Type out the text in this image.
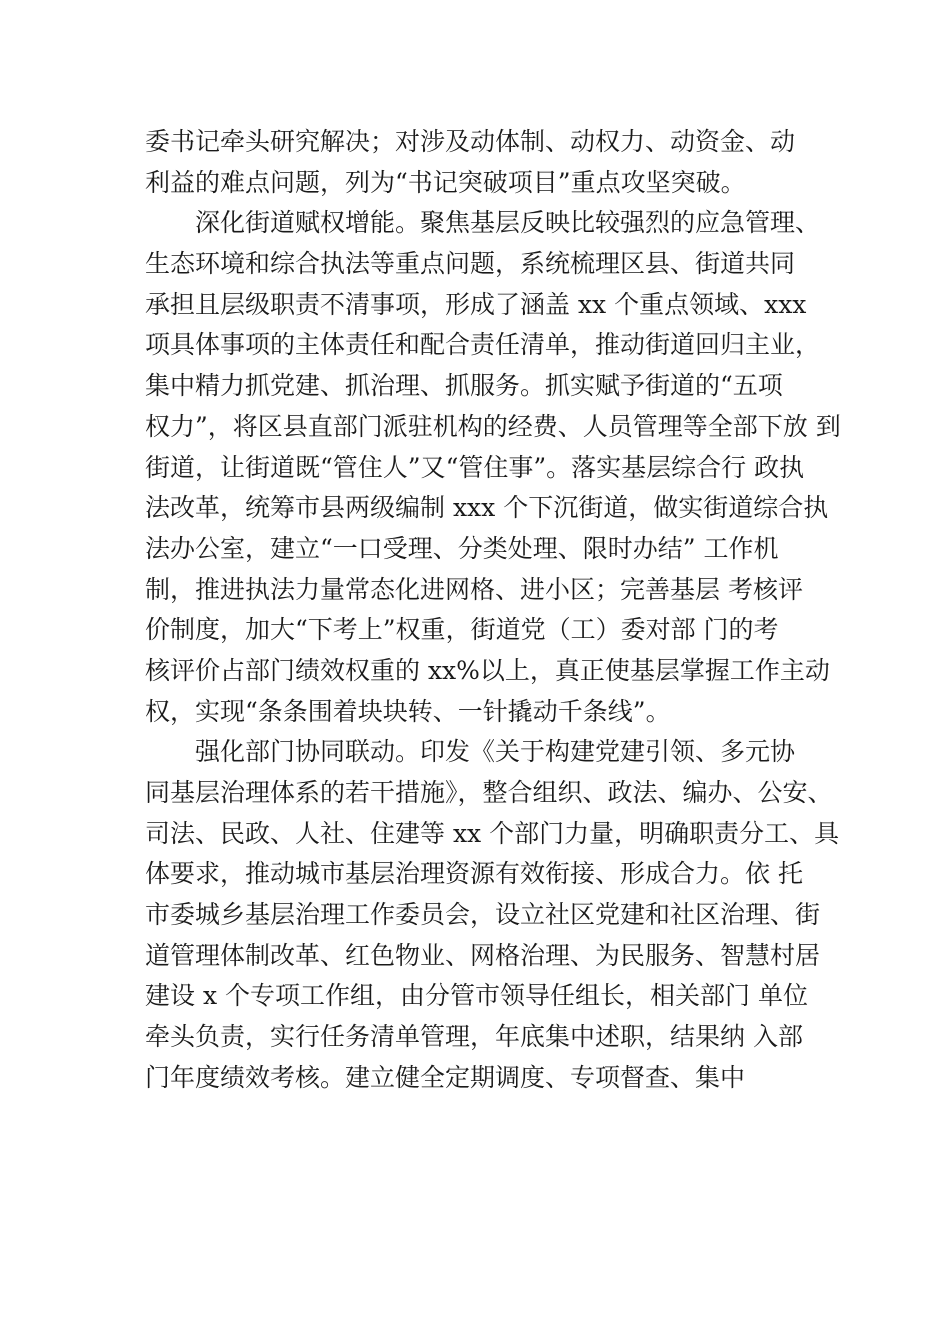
委书记牵头研究解决；对涉及动体制、动权力、动资金、动
利益的难点问题，列为“书记突破项目”重点攻坚突破。
深化街道赋权增能。聚焦基层反映比较强烈的应急管理、
生态环境和综合执法等重点问题，系统梳理区县、街道共同
承担且层级职责不清事项，形成了涵盖 xx 个重点领域、xxx
项具体事项的主体责任和配合责任清单，推动街道回归主业，
集中精力抓党建、抓治理、抓服务。抓实赋予街道的“五项
权力”，将区县直部门派驻机构的经费、人员管理等全部下放 到
街道，让街道既“管住人”又“管住事”。落实基层综合行 政执
法改革，统筹市县两级编制 xxx 个下沉街道，做实街道综合执
法办公室，建立“一口受理、分类处理、限时办结” 工作机
制，推进执法力量常态化进网格、进小区；完善基层 考核评
价制度，加大“下考上”权重，街道党（工）委对部 门的考
核评价占部门绩效权重的 xx%以上，真正使基层掌握工作主动
权，实现“条条围着块块转、一针撬动千条线”。
强化部门协同联动。印发《关于构建党建引领、多元协
同基层治理体系的若干措施》，整合组织、政法、编办、公安、
司法、民政、人社、住建等 xx 个部门力量，明确职责分工、具
体要求，推动城市基层治理资源有效衔接、形成合力。依 托
市委城乡基层治理工作委员会，设立社区党建和社区治理、街
道管理体制改革、红色物业、网格治理、为民服务、智慧村居
建设 x 个专项工作组，由分管市领导任组长，相关部门 单位
牵头负责，实行任务清单管理，年底集中述职，结果纳 入部
门年度绩效考核。建立健全定期调度、专项督查、集中
